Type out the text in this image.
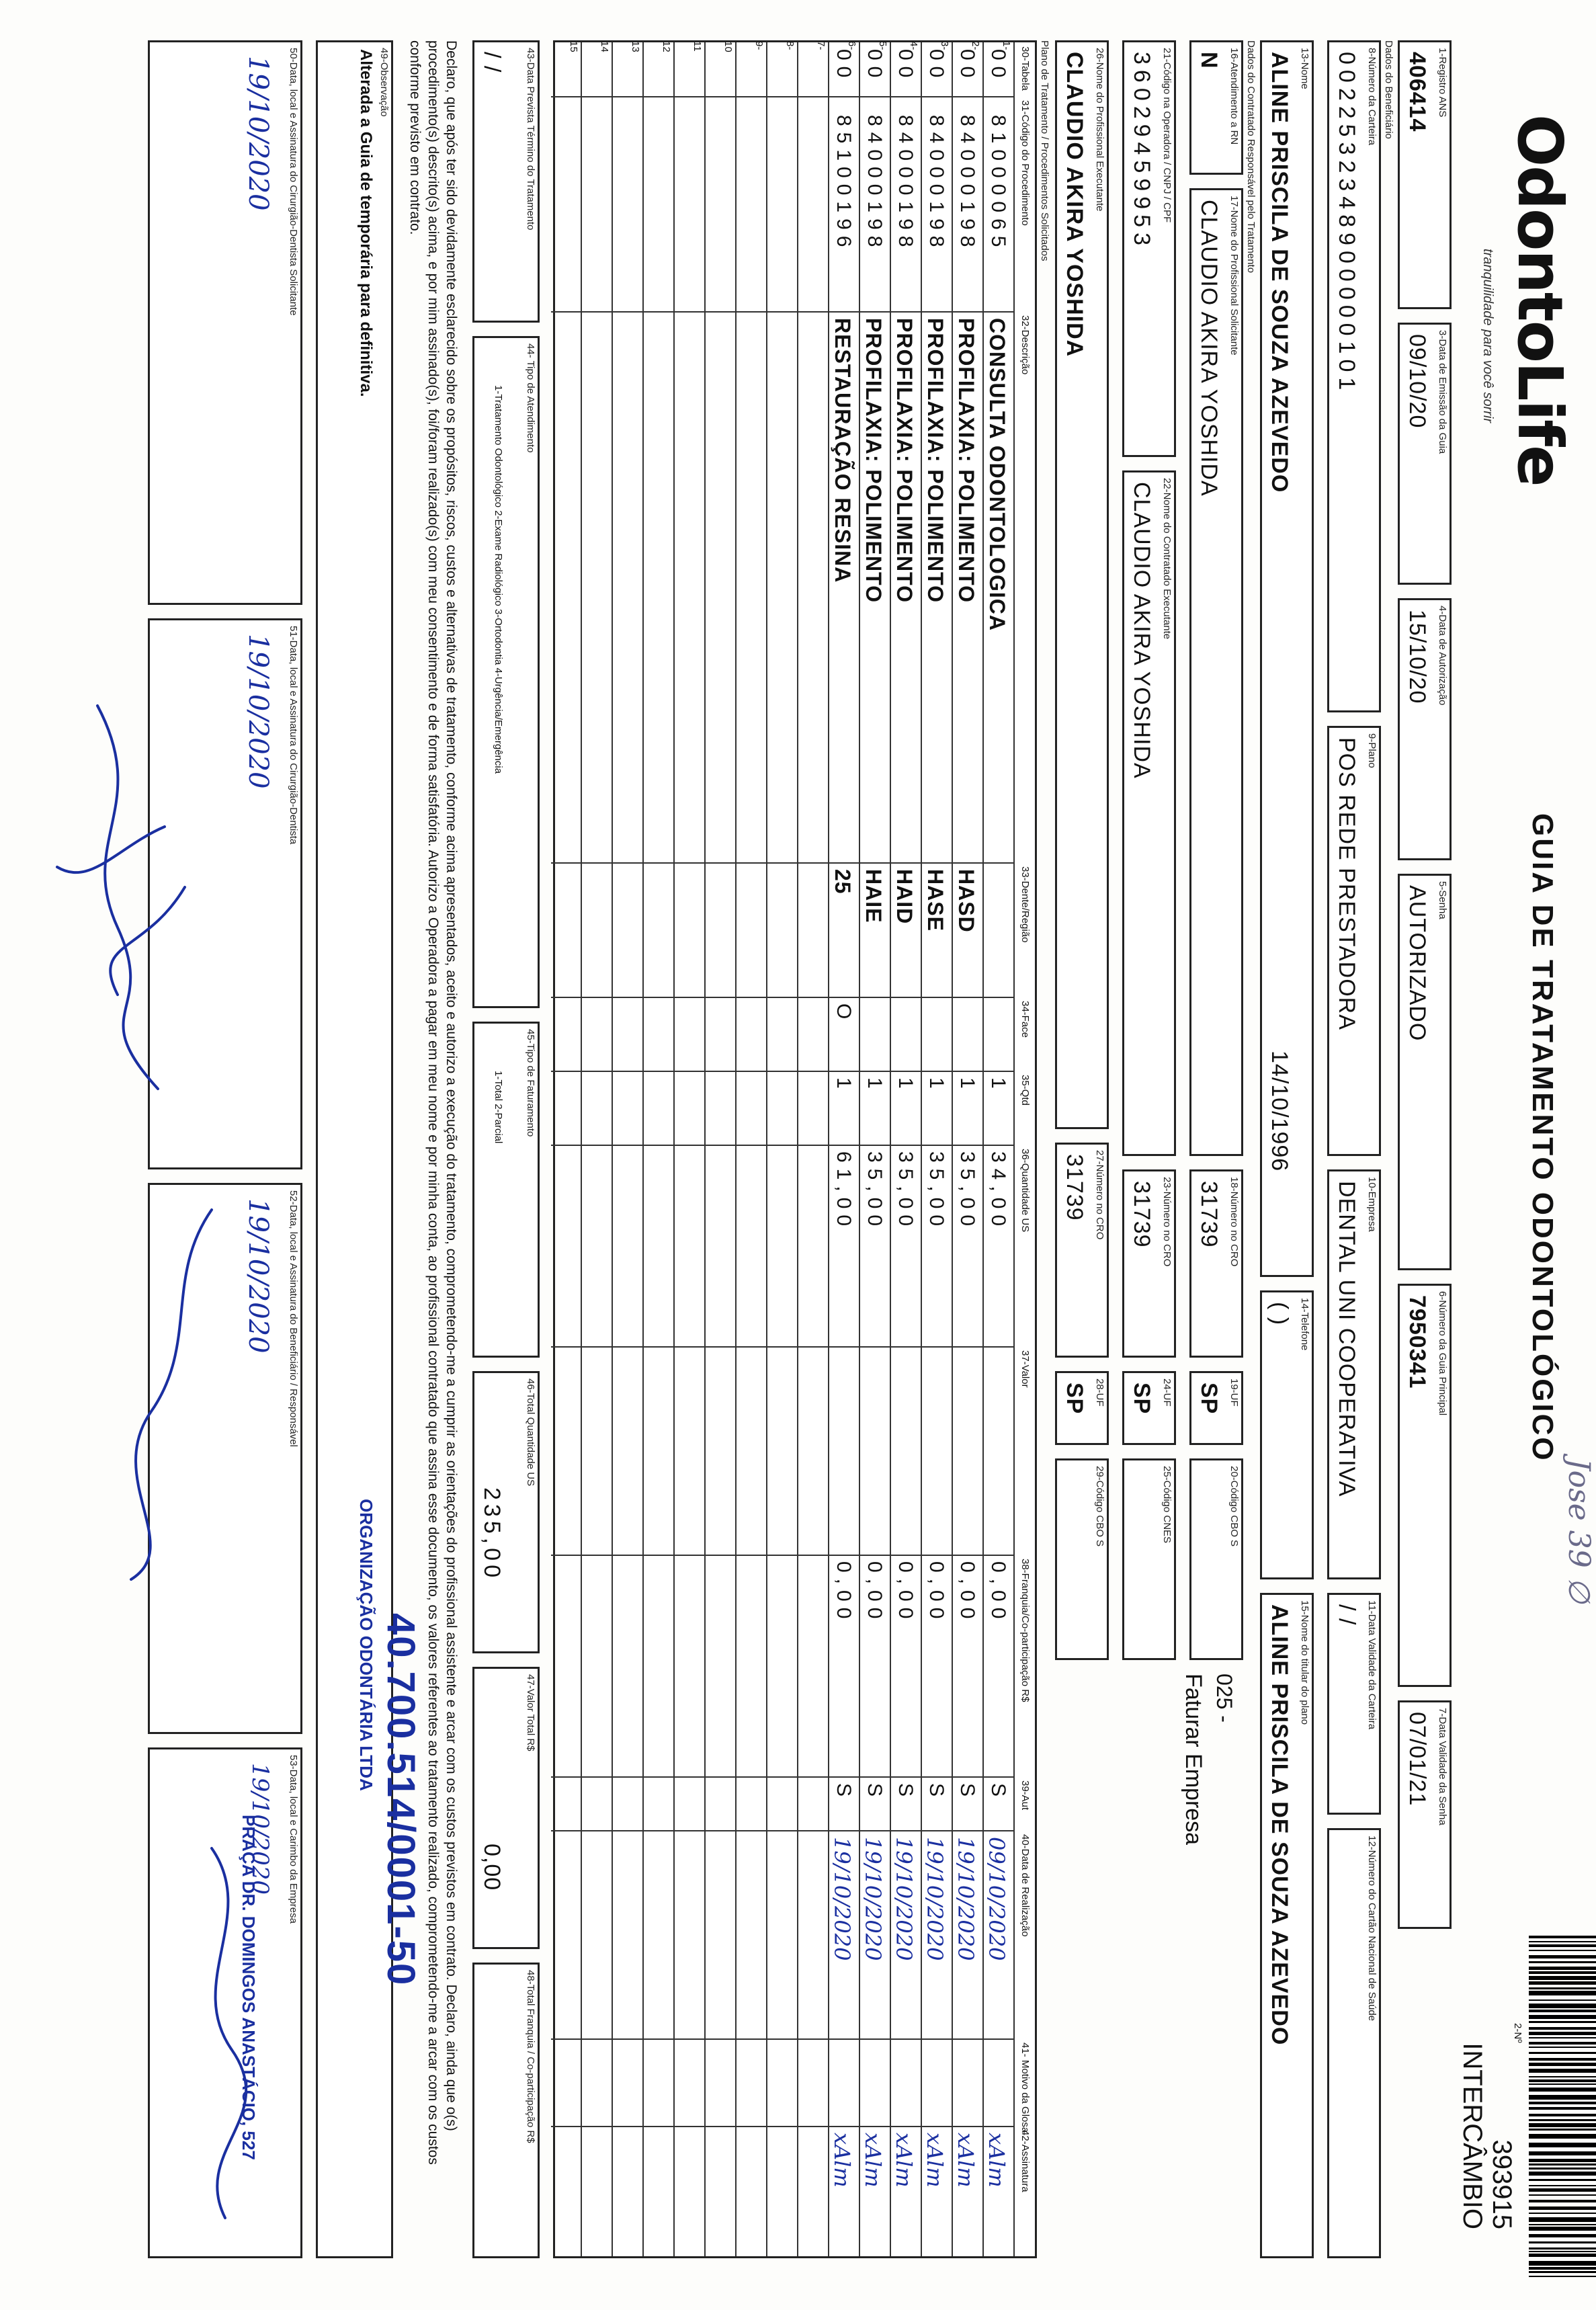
OdontoLife
tranquilidade para você sorrir
GUIA DE TRATAMENTO ODONTOLÓGICO
Jose 39 ∅
2-Nº
393915
INTERCÂMBIO
1-Registro ANS
406414
3-Data de Emissão da Guia
09/10/20
4-Data de Autorização
15/10/20
5-Senha
AUTORIZADO
6-Número da Guia Principal
7950341
7-Data Validade da Senha
07/01/21
Dados do Beneficiário
8-Número da Carteira
0022532348900000101
9-Plano
POS REDE PRESTADORA
10-Empresa
DENTAL UNI COOPERATIVA
11-Data Validade da Carteira
/ /
12-Número do Cartão Nacional de Saúde
13-Nome
ALINE PRISCILA DE SOUZA AZEVEDO
14/10/1996
14-Telefone
( )
15-Nome do titular do plano
ALINE PRISCILA DE SOUZA AZEVEDO
Dados do Contratado Responsável pelo Tratamento
16-Atendimento a RN
N
17-Nome do Profissional Solicitante
CLAUDIO AKIRA YOSHIDA
18-Número no CRO
31739
19-UF
SP
20-Código CBO S
025 -
Faturar Empresa
21-Código na Operadora / CNPJ / CPF
36029459953
22-Nome do Contratado Executante
CLAUDIO AKIRA YOSHIDA
23-Número no CRO
31739
24-UF
SP
25-Código CNES
26-Nome do Profissional Executante
CLAUDIO AKIRA YOSHIDA
27-Número no CRO
31739
28-UF
SP
29-Código CBO S
Plano de Tratamento / Procedimentos Solicitados
30-Tabela
31-Código do Procedimento
32-Descrição
33-Dente/Região
34-Face
35-Qtd
36-Quantidade US
37-Valor
38-Franquia/Co-participação R$
39-Aut
40-Data de Realização
41- Motivo da Glosa
42-Assinatura
1-
00
81000065
CONSULTA ODONTOLOGICA
1
34,00
0,00
S
09/10/2020
xAlm
2-
00
84000198
PROFILAXIA: POLIMENTO
HASD
1
35,00
0,00
S
19/10/2020
xAlm
3-
00
84000198
PROFILAXIA: POLIMENTO
HASE
1
35,00
0,00
S
19/10/2020
xAlm
4-
00
84000198
PROFILAXIA: POLIMENTO
HAID
1
35,00
0,00
S
19/10/2020
xAlm
5-
00
84000198
PROFILAXIA: POLIMENTO
HAIE
1
35,00
0,00
S
19/10/2020
xAlm
6-
00
85100196
RESTAURAÇÃO RESINA
25
O
1
61,00
0,00
S
19/10/2020
xAlm
7-
8-
9-
10
11
12
13
14
15
43-Data Prevista Término do Tratamento
/ /
44- Tipo de Atendimento
1-Tratamento Odontológico 2-Exame Radiológico 3-Ortodontia 4-Urgência/Emergência
45-Tipo de Faturamento
1-Total 2-Parcial
46-Total Quantidade US
235,00
47-Valor Total R$
0,00
48-Total Franquia / Co-participação R$
Declaro, que após ter sido devidamente esclarecido sobre os propósitos, riscos, custos e alternativas de tratamento, conforme acima apresentados, aceito e autorizo a execução do tratamento, comprometendo-me a cumprir as orientações do profissional assistente e arcar com os custos previstos em contrato. Declaro, ainda que o(s) procedimento(s) descrito(s) acima, e por mim assinado(s), foi/foram realizado(s) com meu consentimento e de forma satisfatória. Autorizo a Operadora a pagar em meu nome e por minha conta, ao profissional contratado que assina esse documento, os valores referentes ao tratamento realizado, comprometendo-me a arcar com os custos conforme previsto em contrato.
49-Observação
Alterada a Guia de temporária para definitiva.
50-Data, local e Assinatura do Cirurgião-Dentista Solicitante
19/10/2020
51-Data, local e Assinatura do Cirurgião-Dentista
19/10/2020
52-Data, local e Assinatura do Beneficiário / Responsável
19/10/2020
53-Data, local e Carimbo da Empresa
19/10/2020	40.700.514/0001-50
ORGANIZAÇÃO ODONTÁRIA LTDA
PRAÇA DR. DOMINGOS ANASTÁCIO, 527
